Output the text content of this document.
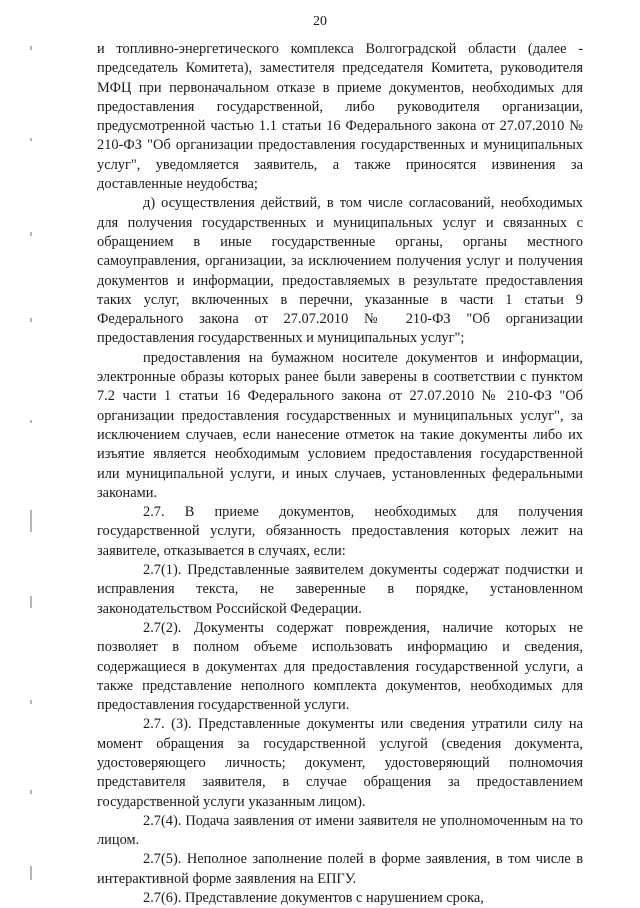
20

и топливно-энергетического комплекса Волгоградской области (далее - председатель Комитета), заместителя председателя Комитета, руководителя МФЦ при первоначальном отказе в приеме документов, необходимых для предоставления государственной, либо руководителя организации, предусмотренной частью 1.1 статьи 16 Федерального закона от 27.07.2010 № 210-ФЗ "Об организации предоставления государственных и муниципальных услуг", уведомляется заявитель, а также приносятся извинения за доставленные неудобства;

д) осуществления действий, в том числе согласований, необходимых для получения государственных и муниципальных услуг и связанных с обращением в иные государственные органы, органы местного самоуправления, организации, за исключением получения услуг и получения документов и информации, предоставляемых в результате предоставления таких услуг, включенных в перечни, указанные в части 1 статьи 9 Федерального закона от 27.07.2010 № 210-ФЗ "Об организации предоставления государственных и муниципальных услуг";

предоставления на бумажном носителе документов и информации, электронные образы которых ранее были заверены в соответствии с пунктом 7.2 части 1 статьи 16 Федерального закона от 27.07.2010 № 210-ФЗ "Об организации предоставления государственных и муниципальных услуг", за исключением случаев, если нанесение отметок на такие документы либо их изъятие является необходимым условием предоставления государственной или муниципальной услуги, и иных случаев, установленных федеральными законами.

2.7. В приеме документов, необходимых для получения государственной услуги, обязанность предоставления которых лежит на заявителе, отказывается в случаях, если:

2.7(1). Представленные заявителем документы содержат подчистки и исправления текста, не заверенные в порядке, установленном законодательством Российской Федерации.

2.7(2). Документы содержат повреждения, наличие которых не позволяет в полном объеме использовать информацию и сведения, содержащиеся в документах для предоставления государственной услуги, а также представление неполного комплекта документов, необходимых для предоставления государственной услуги.

2.7. (3). Представленные документы или сведения утратили силу на момент обращения за государственной услугой (сведения документа, удостоверяющего личность; документ, удостоверяющий полномочия представителя заявителя, в случае обращения за предоставлением государственной услуги указанным лицом).

2.7(4). Подача заявления от имени заявителя не уполномоченным на то лицом.

2.7(5). Неполное заполнение полей в форме заявления, в том числе в интерактивной форме заявления на ЕПГУ.

2.7(6). Представление документов с нарушением срока,
